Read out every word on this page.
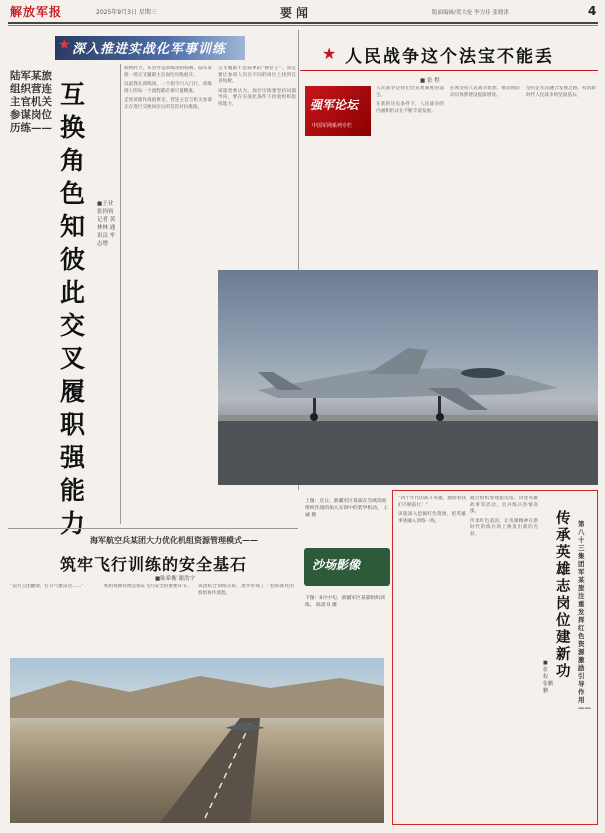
解放军报	2025年9月3日 星期三	要闻	版面编辑/贺大伦 李力佳 张晓津	4
★ 深入推进实战化军事训练
陆军某旅组织营连主官机关参谋岗位历练——
互换角色知彼此 交叉履职强能力
■王业 张钧钧 记者 黄林林 通讯员 牟志增

如秋时节，军营外是训练场的标牌，陆军某旅一场交叉履职主官岗位历练展开。

以前我在训练场，一个指令只入门行，训练场上的每一个流程都必须尽量精准。

走进该旅作战值班室，营连主官与机关参谋正在进行交换岗位后的首次对抗推演。

交叉履职不是简单的“换位子”，而是要让参训人员在不同的岗位上找到自身短板。

该旅党委认为，岗位历练要坚持问题导向，要在实战化条件下检验组织指挥能力。

★ 人民战争这个法宝不能丢
■ 张 程
强军论坛
中国军网系列专栏

人民战争是我们党克敌制胜的法宝。

在新的历史条件下，人民战争的内涵和形式在不断丰富发展。

必须坚持人民战争思想，推动国防动员体系建设提质增效。

坚持走军民融合发展之路，构筑新时代人民战争的坚固基石。

海军航空兵某团大力优化机组资源管理模式——
筑牢飞行训练的安全基石
■陈希衡 谢浩宇

“前方云团翻滚，打开气象雷达……”	机组资源管理是保证飞行安全的重要环节。	该团结合训练实际，逐步形成了一套标准化的机组协作流程。

上图：近日，新疆军区某部在雪域高原组织作战的加入实训中的装甲机动。 王诚 摄
沙场影像
下图：8月中旬，新疆军区某部组织训练。 陈思书 摄
传承英雄志 岗位建新功
第八十三集团军某旅注重发挥红色资源激励引导作用——
■ 张 程 张鹏鹏

“四十年代的战斗英雄，激励着我们不断前行！”

该旅深入挖掘红色资源，把英雄事迹融入训练一线。

通过组织参观旅史馆、讲述英雄故事等活动，官兵练兵热情高涨。

传承红色基因，让英雄精神在新时代的练兵场上焕发出新的光彩。
